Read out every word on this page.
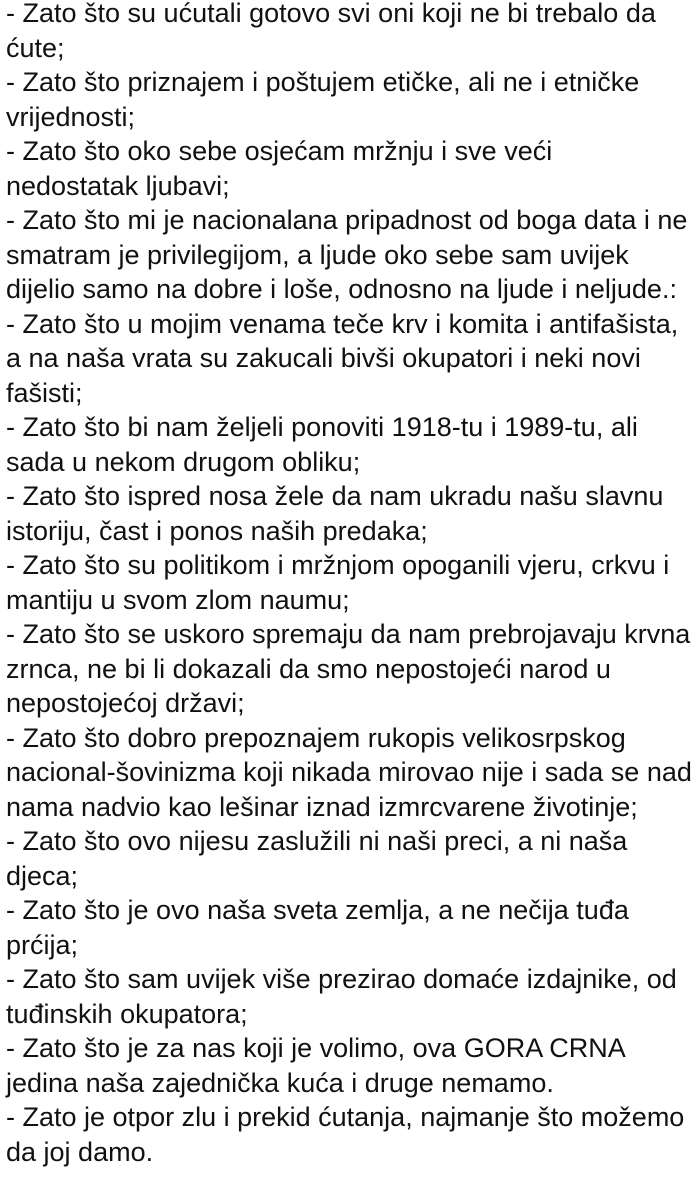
- Zato što su ućutali gotovo svi oni koji ne bi trebalo da
ćute;
- Zato što priznajem i poštujem etičke, ali ne i etničke
vrijednosti;
- Zato što oko sebe osjećam mržnju i sve veći
nedostatak ljubavi;
- Zato što mi je nacionalana pripadnost od boga data i ne
smatram je privilegijom, a ljude oko sebe sam uvijek
dijelio samo na dobre i loše, odnosno na ljude i neljude.:
- Zato što u mojim venama teče krv i komita i antifašista,
a na naša vrata su zakucali bivši okupatori i neki novi
fašisti;
- Zato što bi nam željeli ponoviti 1918-tu i 1989-tu, ali
sada u nekom drugom obliku;
- Zato što ispred nosa žele da nam ukradu našu slavnu
istoriju, čast i ponos naših predaka;
- Zato što su politikom i mržnjom opoganili vjeru, crkvu i
mantiju u svom zlom naumu;
- Zato što se uskoro spremaju da nam prebrojavaju krvna
zrnca, ne bi li dokazali da smo nepostojeći narod u
nepostojećoj državi;
- Zato što dobro prepoznajem rukopis velikosrpskog
nacional-šovinizma koji nikada mirovao nije i sada se nad
nama nadvio kao lešinar iznad izmrcvarene životinje;
- Zato što ovo nijesu zaslužili ni naši preci, a ni naša
djeca;
- Zato što je ovo naša sveta zemlja, a ne nečija tuđa
prćija;
- Zato što sam uvijek više prezirao domaće izdajnike, od
tuđinskih okupatora;
- Zato što je za nas koji je volimo, ova GORA CRNA
jedina naša zajednička kuća i druge nemamo.
- Zato je otpor zlu i prekid ćutanja, najmanje što možemo
da joj damo.
